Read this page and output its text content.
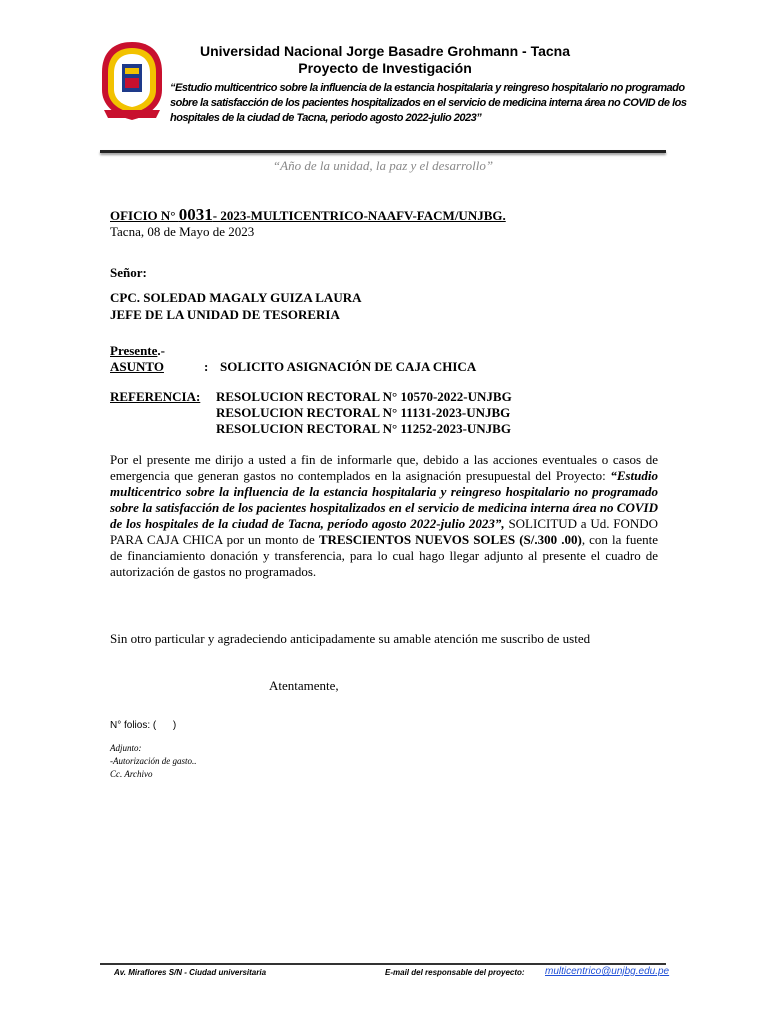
Universidad Nacional Jorge Basadre Grohmann - Tacna
Proyecto de Investigación
“Estudio multicentrico sobre la influencia de la estancia hospitalaria y reingreso hospitalario no programado sobre la satisfacción de los pacientes hospitalizados en el servicio de medicina interna área no COVID de los hospitales de la ciudad de Tacna, periodo agosto 2022-julio 2023”
“Año de la unidad, la paz y el desarrollo”
OFICIO N° 0031- 2023-MULTICENTRICO-NAAFV-FACM/UNJBG.
Tacna, 08 de Mayo de 2023
Señor:
CPC. SOLEDAD MAGALY GUIZA LAURA
JEFE DE LA UNIDAD DE TESORERIA
Presente.-
ASUNTO	: SOLICITO ASIGNACIÓN DE CAJA CHICA
REFERENCIA: RESOLUCION RECTORAL N° 10570-2022-UNJBG
RESOLUCION RECTORAL N° 11131-2023-UNJBG
RESOLUCION RECTORAL N° 11252-2023-UNJBG
Por el presente me dirijo a usted a fin de informarle que, debido a las acciones eventuales o casos de emergencia que generan gastos no contemplados en la asignación presupuestal del Proyecto: “Estudio multicentrico sobre la influencia de la estancia hospitalaria y reingreso hospitalario no programado sobre la satisfacción de los pacientes hospitalizados en el servicio de medicina interna área no COVID de los hospitales de la ciudad de Tacna, período agosto 2022-julio 2023”, SOLICITUD a Ud. FONDO PARA CAJA CHICA por un monto de TRESCIENTOS NUEVOS SOLES (S/.300 .00), con la fuente de financiamiento donación y transferencia, para lo cual hago llegar adjunto al presente el cuadro de autorización de gastos no programados.
Sin otro particular y agradeciendo anticipadamente su amable atención me suscribo de usted
Atentamente,
N° folios: (      )
Adjunto:
-Autorización de gasto..
Cc. Archivo
Av. Miraflores S/N - Ciudad universitaria	E-mail del responsable del proyecto: multicentrico@unjbg.edu.pe
